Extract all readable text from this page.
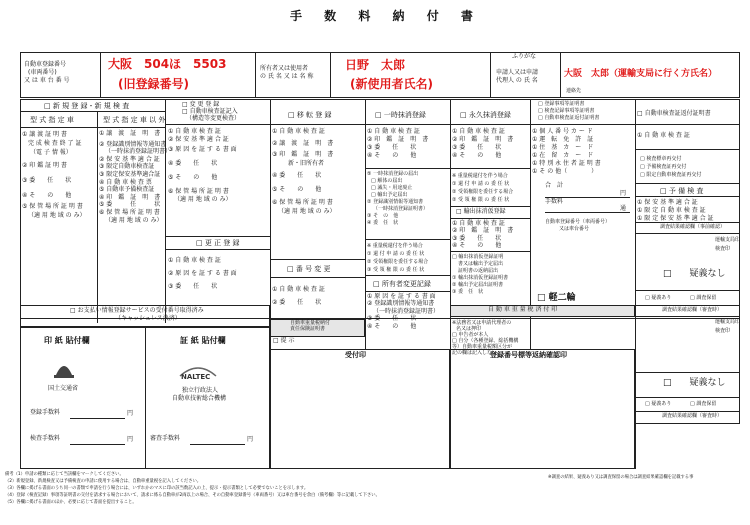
手 数 料 納 付 書
自動車登録番号
(車両番号)
又 は 車 台 番 号
大阪　504ほ　5503
(旧登録番号)
所有者又は使用者
の 氏 名 又 は 名 称
日野　太郎
(新使用者氏名)
ふりがな
申請人又は申請
代理人 の 氏 名
大阪　太郎（運輸支局に行く方氏名）
連絡先
□ 新 規 登 録・新 規 検 査
型 式 指 定 車	型 式 指 定 車 以 外
① 譲 渡 証 明 書
完 成 検 査 終 了 証
（電 子 情 報）
② 印 鑑 証 明 書
③ 委　　任　　状
④ そ　　の　　他
⑤ 保 管 場 所 証 明 書
（適 用 地 域 の み）
① 譲　渡　証　明　書
② 登録識別情報等通知書
（一時抹消登録証明書）
② 保 安 基 準 適 合 証
③ 限定自動車検査証
③ 限定保安基準適合証
④ 自 動 車 検 査 票
⑤ 自動車予備検査証
④ 印　鑑　証　明　書
⑤ 委　　　任　　　状
⑥ 保 管 場 所 証 明 書
（適 用 地 域 の み）
□ 変 更 登 録
□ 自動車検査証記入
（構造等変更検査）
① 自 動 車 検 査 証
② 保 安 基 準 適 合 証
③ 原 因 を 証 す る 書 面
④ 委　　任　　状
⑤ そ　　の　　他
⑥ 保 管 場 所 証 明 書
（適 用 地 域 の み）
□ 更 正 登 録
① 自 動 車 検 査 証
② 原 因 を 証 す る 書 面
③ 委　　任　　状
□ 移 転 登 録
① 自 動 車 検 査 証
② 譲　渡　証　明　書
③ 印　鑑　証　明　書
新・旧所有者
④ 委　　任　　状
⑤ そ　　の　　他
⑥ 保 管 場 所 証 明 書
（適 用 地 域 の み）
□ 番 号 変 更
① 自 動 車 検 査 証
② 委　　任　　状
自動車重量税納付
責任保険証明書
□ 提 示
□ 一時抹消登録
① 自 動 車 検 査 証
② 印　鑑　証　明　書
③ 委　　任　　状
④ そ　　の　　他
⑤ 一時抹消登録の届出
□ 解体の届出
□ 滅失・用途廃止
□ 輸出予定届出
② 登録識別情報等通知書
（一時抹消登録証明書）
③ そ　の　他
④ 委　任　状
※ 重量税還付を伴う場合
① 還 付 申 請 の 委 任 状
② 受領権限を委任する場合
③ 受 領 権 限 の 委 任 状
□ 所有者変更記録
① 原 因 を 証 す る 書 面
② 登録識別情報等通知書
（一時抹消登録証明書）
③ 委　　任　　状
④ そ　　の　　他
□ 永久抹消登録
① 自 動 車 検 査 証
② 印　鑑　証　明　書
③ 委　　任　　状
④ そ　　の　　他
※ 重量税還付を伴う場合
① 還 付 申 請 の 委 任 状
② 受領権限を委任する場合
② 受 領 権 限 の 委 任 状
□ 輸出抹消仮登録
① 自 動 車 検 査 証
② 印　鑑　証　明　書
③ 委　　任　　状
④ そ　　の　　他
□ 輸出抹消仮登録証明
書又は輸出予定届出
証明書の返納届出
① 輸出抹消仮登録証明書
② 輸出予定届出証明書
③ 委　任　状
□ 軽二輪
自 動 車 重 量 税 済 付 印
※法務省又は申請代理者の
名又は押印
□ 申告者が本人
□ 自分（各種登録、総括機構
等）自動車重量税額区分が
記の欄は記入しない
□ 登録事項等証明書
□ 検査記録事項等証明書
□ 自動車検査証返付証明書
① 個 人 番 号 カ ー ド
① 運　転　免　許　証
① 住　基　カ　ー　ド
① 在　留　カ　ー　ド
① 特 別 永 住 者 証 明 書
① そ の 他（　　　　）
合　計
円
手数料
通
自動車登録番号（車両番号）
又は車台番号
□ 自動車検査証返付証明書
① 自 動 車 検 査 証
□ 検査標章再交付
□ 予備検査証再交付
□ 限定自動車検査証再交付
□ 予 備 検 査
① 保 安 基 準 適 合 証
① 限 定 自 動 車 検 査 証
① 限 定 保 安 基 準 適 合 証
調査結果確認欄（事前確認）
運輸支局印
検査印
□　　疑義なし
□ 疑義あり	□ 調査保留
調査結果確認欄（審査時）
運輸支局印
検査印
□　　疑義なし
□ 疑義あり	□ 調査保留
調査結果確認欄（審査時）
□ お支払い情報登録サービスの受付番号取得済み
（キャッシュレス決済）
印 紙 貼付欄	証 紙 貼付欄
国土交通省
登録手数料	円
検査手数料	円
NALTEC
独立行政法人
自動車技術総合機構
審査手数料	円
受付印	登録番号標等返納確認印
備考（1）申請の種類に応じて当該欄をマークしてください。
（2）新規登録、新規検査又は予備検査の申請に使用する場合は、自動車重量税を記入してください。
（3）各欄に掲げる書面のうち同一の書類で申請を行う場合には、いずれかのマスに印の該当数記入の上、提示・提示書類として必要でないことを示します。
（4）登録（検査記録）事項等証明書の交付を請求する場合において、請求に係る自動車が2両以上の場合、その自動車登録番号（車両番号）又は車台番号を余白（備考欄）等に記載して下さい。
（5）各欄に掲げる書面のほか、必要に応じて書面を提出すること。
※調査の結果、疑義あり又は調査保留の場合は調査結果確認欄を記載する事
